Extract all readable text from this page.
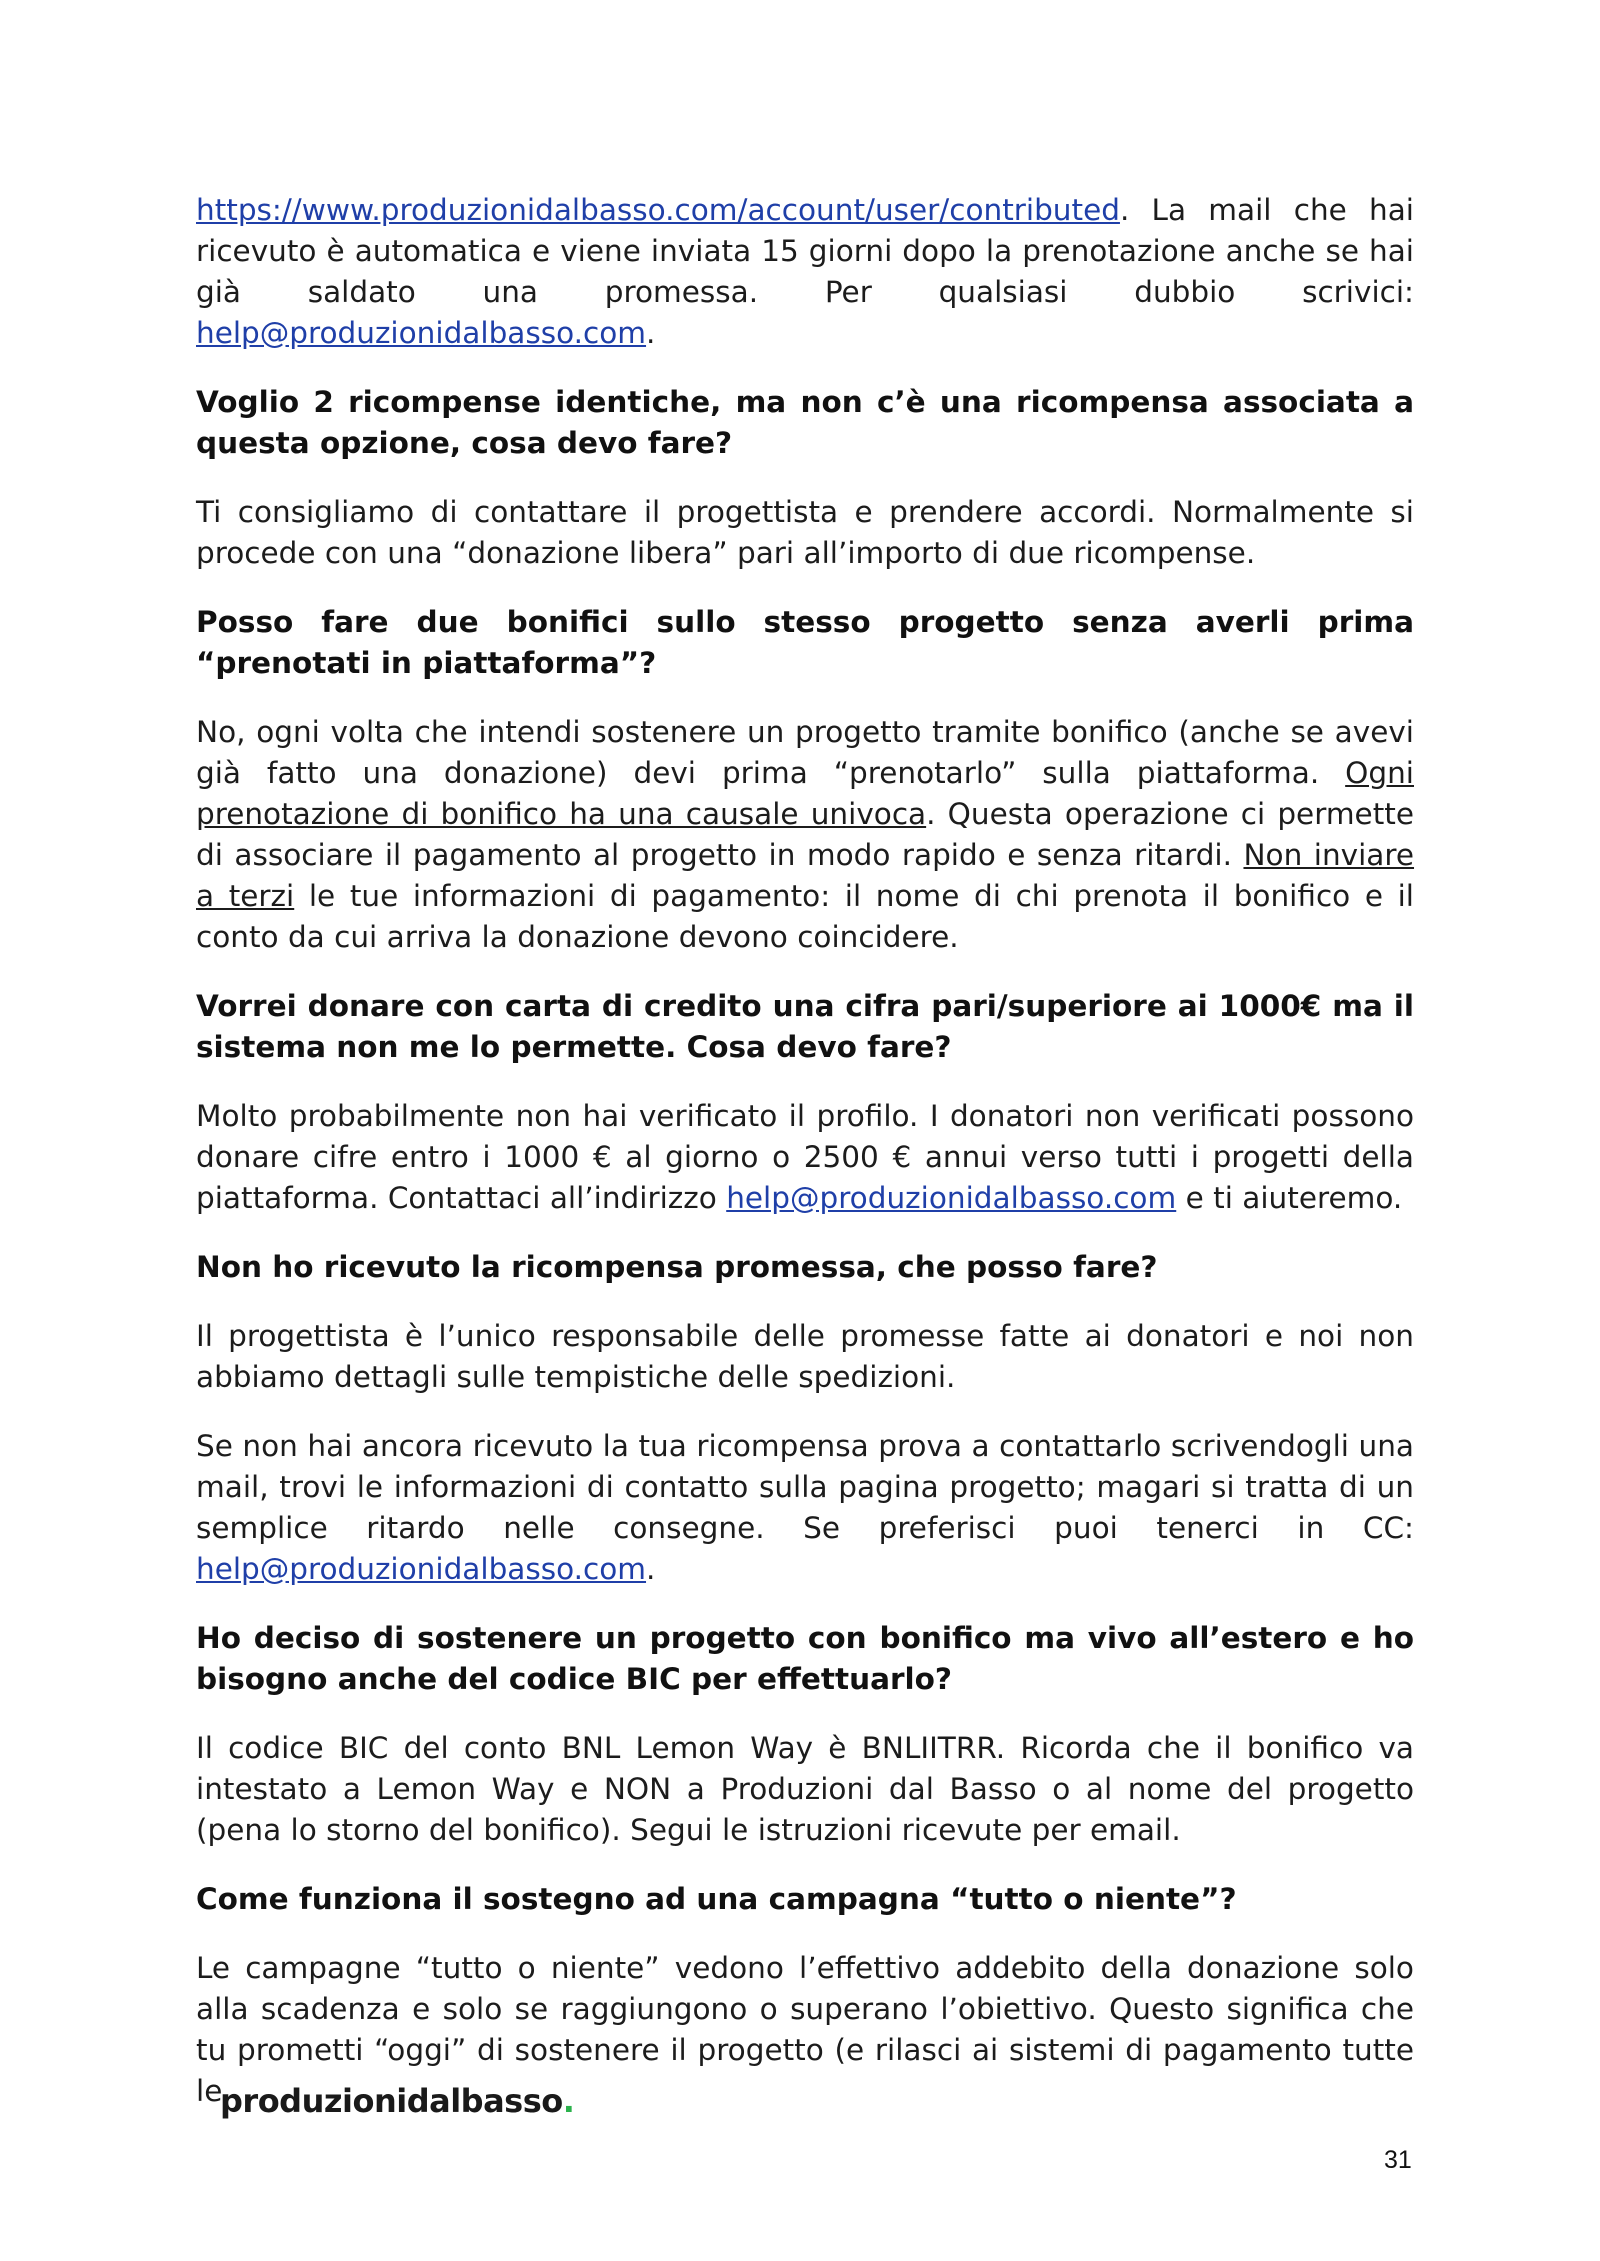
https://www.produzionidalbasso.com/account/user/contributed. La mail che hai ricevuto è automatica e viene inviata 15 giorni dopo la prenotazione anche se hai già saldato una promessa. Per qualsiasi dubbio scrivici: help@produzionidalbasso.com.

Voglio 2 ricompense identiche, ma non c’è una ricompensa associata a questa opzione, cosa devo fare?

Ti consigliamo di contattare il progettista e prendere accordi. Normalmente si procede con una “donazione libera” pari all’importo di due ricompense.

Posso fare due bonifici sullo stesso progetto senza averli prima “prenotati in piattaforma”?

No, ogni volta che intendi sostenere un progetto tramite bonifico (anche se avevi già fatto una donazione) devi prima “prenotarlo” sulla piattaforma. Ogni prenotazione di bonifico ha una causale univoca. Questa operazione ci permette di associare il pagamento al progetto in modo rapido e senza ritardi. Non inviare a terzi le tue informazioni di pagamento: il nome di chi prenota il bonifico e il conto da cui arriva la donazione devono coincidere.

Vorrei donare con carta di credito una cifra pari/superiore ai 1000€ ma il sistema non me lo permette. Cosa devo fare?

Molto probabilmente non hai verificato il profilo. I donatori non verificati possono donare cifre entro i 1000 € al giorno o 2500 € annui verso tutti i progetti della piattaforma. Contattaci all’indirizzo help@produzionidalbasso.com e ti aiuteremo.

Non ho ricevuto la ricompensa promessa, che posso fare?

Il progettista è l’unico responsabile delle promesse fatte ai donatori e noi non abbiamo dettagli sulle tempistiche delle spedizioni.

Se non hai ancora ricevuto la tua ricompensa prova a contattarlo scrivendogli una mail, trovi le informazioni di contatto sulla pagina progetto; magari si tratta di un semplice ritardo nelle consegne. Se preferisci puoi tenerci in CC: help@produzionidalbasso.com.

Ho deciso di sostenere un progetto con bonifico ma vivo all’estero e ho bisogno anche del codice BIC per effettuarlo?

Il codice BIC del conto BNL Lemon Way è BNLIITRR. Ricorda che il bonifico va intestato a Lemon Way e NON a Produzioni dal Basso o al nome del progetto (pena lo storno del bonifico). Segui le istruzioni ricevute per email.

Come funziona il sostegno ad una campagna “tutto o niente”?

Le campagne “tutto o niente” vedono l’effettivo addebito della donazione solo alla scadenza e solo se raggiungono o superano l’obiettivo. Questo significa che tu prometti “oggi” di sostenere il progetto (e rilasci ai sistemi di pagamento tutte le

produzionidalbasso.
31
